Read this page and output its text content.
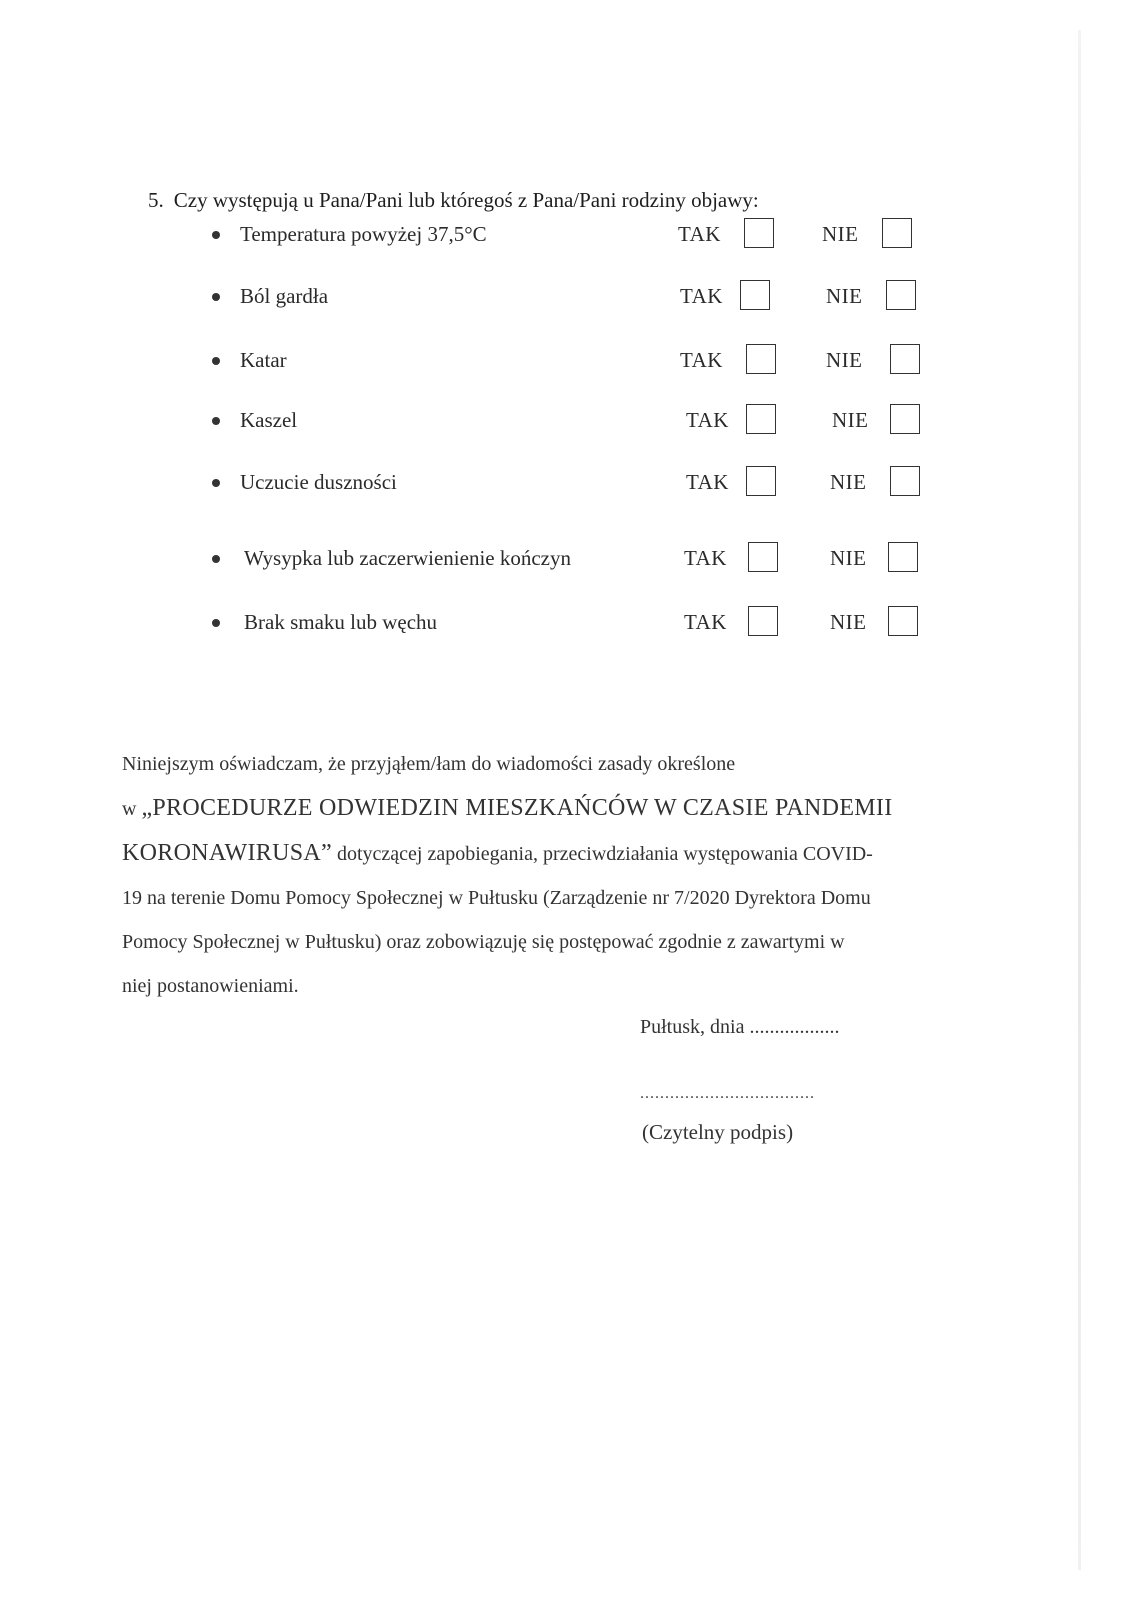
5. Czy występują u Pana/Pani lub któregoś z Pana/Pani rodziny objawy:
Temperatura powyżej 37,5°C	TAK	NIE
Ból gardła	TAK	NIE
Katar	TAK	NIE
Kaszel	TAK	NIE
Uczucie duszności	TAK	NIE
Wysypka lub zaczerwienienie kończyn	TAK	NIE
Brak smaku lub węchu	TAK	NIE
Niniejszym oświadczam, że przyjąłem/łam do wiadomości zasady określone
w „PROCEDURZE ODWIEDZIN MIESZKAŃCÓW W CZASIE PANDEMII
KORONAWIRUSA” dotyczącej zapobiegania, przeciwdziałania występowania COVID-
19 na terenie Domu Pomocy Społecznej w Pułtusku (Zarządzenie nr 7/2020 Dyrektora Domu
Pomocy Społecznej w Pułtusku) oraz zobowiązuję się postępować zgodnie z zawartymi w
niej postanowieniami.
Pułtusk, dnia ..................
...................................
(Czytelny podpis)
